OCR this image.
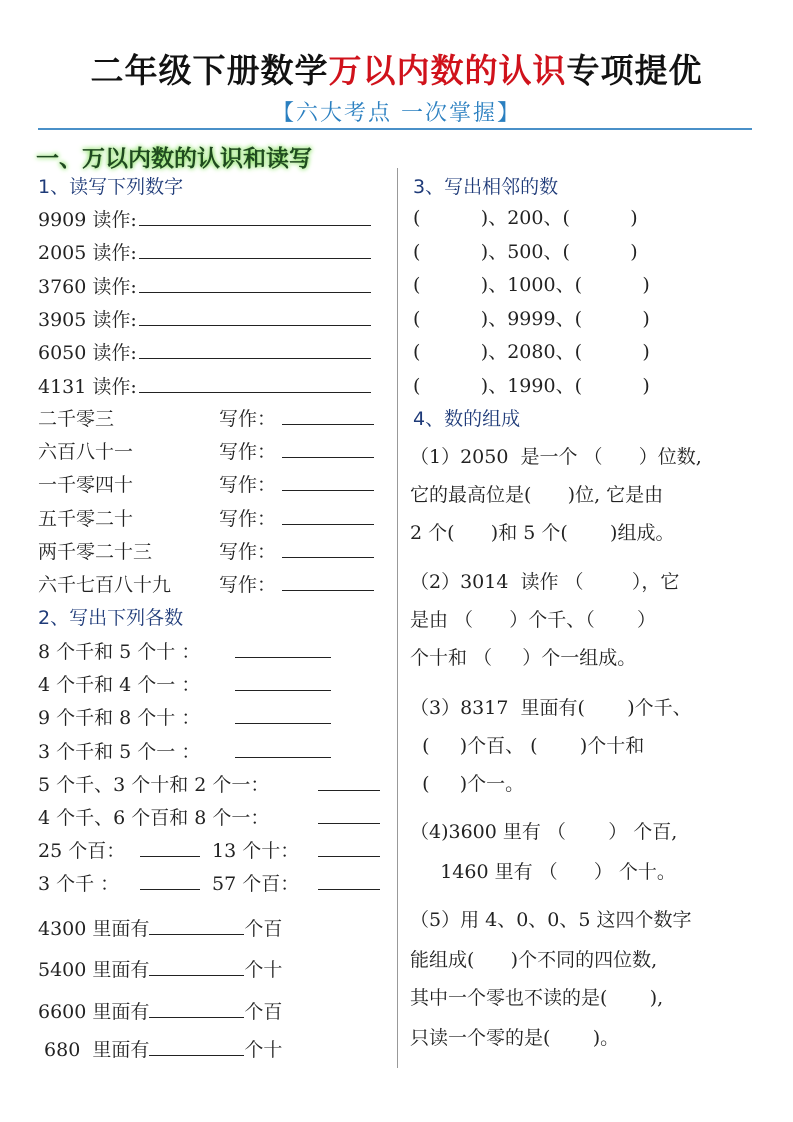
二年级下册数学万以内数的认识专项提优
【六大考点 一次掌握】
一、万以内数的认识和读写
1、读写下列数字
9909 读作:
2005 读作:
3760 读作:
3905 读作:
6050 读作:
4131 读作:
二千零三	写作：
六百八十一	写作：
一千零四十	写作：
五千零二十	写作：
两千零二十三	写作：
六千七百八十九	写作：
2、写出下列各数
8 个千和 5 个十 ：
4 个千和 4 个一 ：
9 个千和 8 个十 ：
3 个千和 5 个一 ：
5 个千、3 个十和 2 个一：
4 个千、6 个百和 8 个一：
25 个百：	13 个十：
3 个千 ：	57 个百：
4300 里面有	个百
5400 里面有	个十
6600 里面有	个百
680  里面有	个十
3、写出相邻的数
(          )、200、(          )
(          )、500、(          )
(          )、1000、(          )
(          )、9999、(          )
(          )、2080、(          )
(          )、1990、(          )
4、数的组成
（1）2050  是一个 （      ）位数,
它的最高位是(      )位, 它是由
2 个(      )和 5 个(       )组成。
（2）3014  读作 （        ），它
是由 （      ）个千、（       ）
个十和 （     ）个一组成。
（3）8317  里面有(       )个千、
(     )个百、 (       )个十和
(     )个一。
（4)3600 里有 （       ） 个百,
1460 里有 （      ） 个十。
（5）用 4、0、0、5 这四个数字
能组成(      )个不同的四位数,
其中一个零也不读的是(       ),
只读一个零的是(       )。
